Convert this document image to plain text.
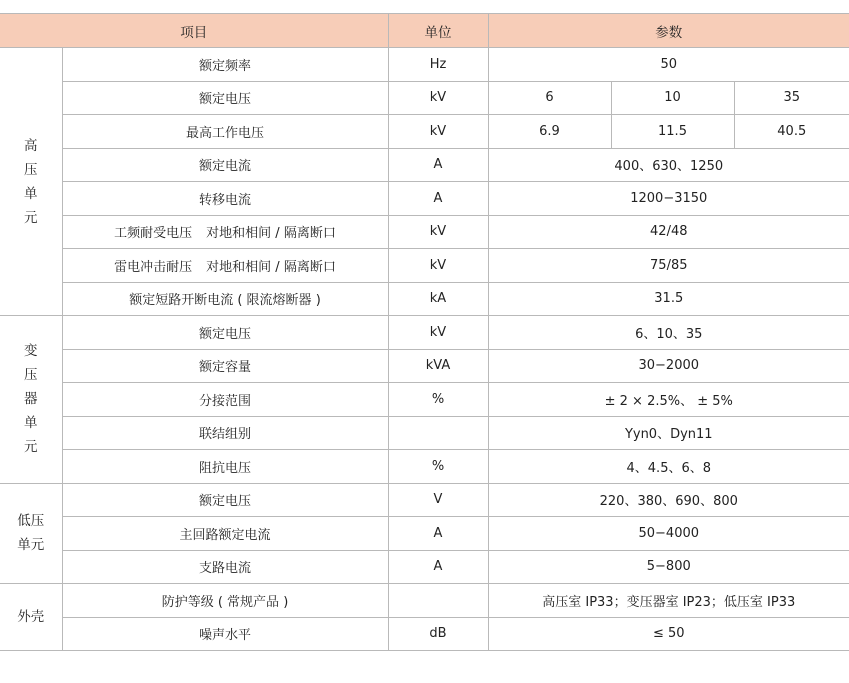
项目		单位	参数		

高
压
单
元	额定频率	Hz	50		
	额定电压	kV	6	10	35
	最高工作电压	kV	6.9	11.5	40.5
	额定电流	A	400、630、1250		
	转移电流	A	1200−3150		
	工频耐受电压 对地和相间 / 隔离断口	kV	42/48		
	雷电冲击耐压 对地和相间 / 隔离断口	kV	75/85		
	额定短路开断电流 ( 限流熔断器 )	kA	31.5		

变
压
器
单
元	额定电压	kV	6、10、35		
	额定容量	kVA	30−2000		
	分接范围	%	± 2 × 2.5%、 ± 5%		
	联结组别		Yyn0、Dyn11		
	阻抗电压	%	4、4.5、6、8		

低压
单元	额定电压	V	220、380、690、800		
	主回路额定电流	A	50−4000		
	支路电流	A	5−800		
外壳	防护等级 ( 常规产品 )		高压室 IP33；变压器室 IP23；低压室 IP33		
	噪声水平	dB	≤ 50		
